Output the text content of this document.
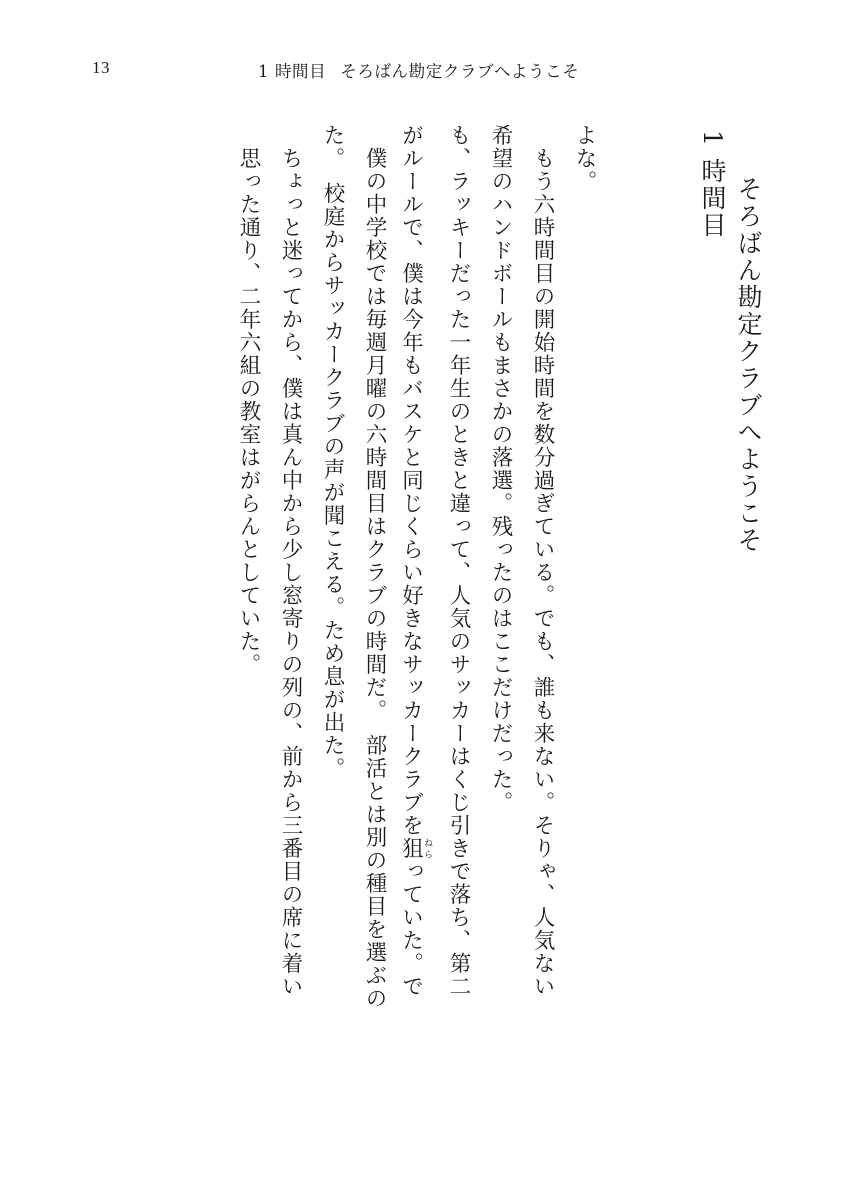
13	1 時間目 そろばん勘定クラブへようこそ
1 時間目 そろばん勘定クラブへようこそ
　思った通り、二年六組の教室はがらんとしていた。 　ちょっと迷ってから、僕は真ん中から少し窓寄りの列の、前から三番目の席に着い た。　校庭からサッカークラブの声が聞こえる。ため息が出た。 　僕の中学校では毎週月曜の六時間目はクラブの時間だ。　部活とは別の種目を選ぶの がルールで、僕は今年もバスケと同じくらい好きなサッカークラブを狙ねらっていた。で	も、ラッキーだった一年生のときと違って、人気のサッカーはくじ引きで落ち、第二 希望のハンドボールもまさかの落選。残ったのはここだけだった。 　もう六時間目の開始時間を数分過ぎている。でも、誰も来ない。そりゃ、人気ない よな。
